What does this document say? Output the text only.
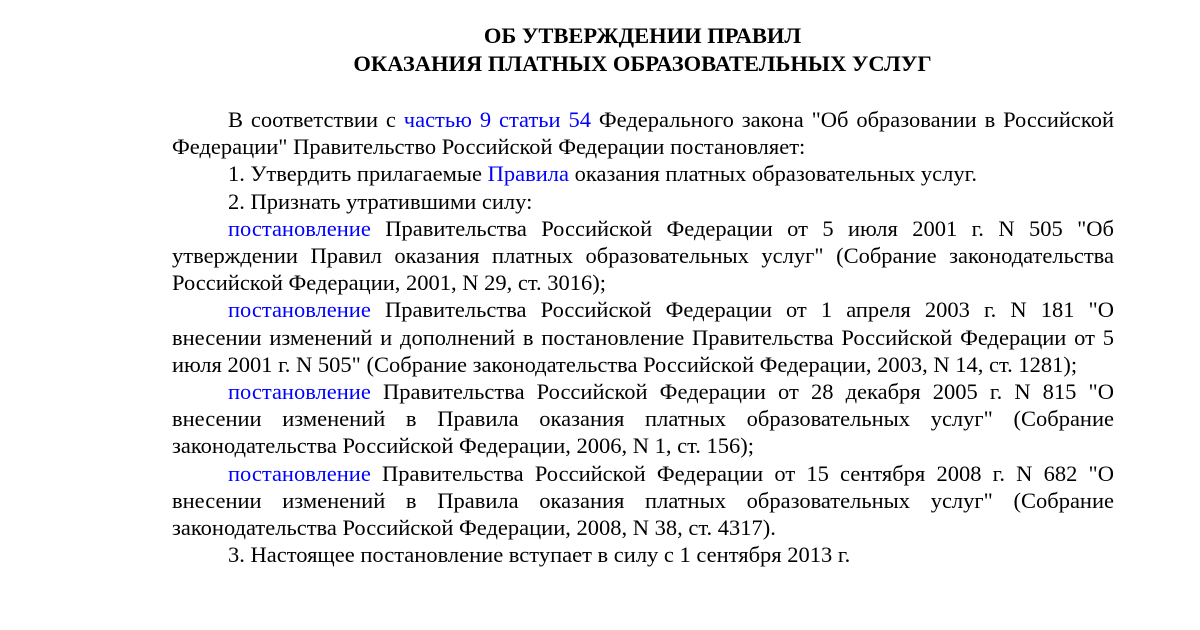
ОБ УТВЕРЖДЕНИИ ПРАВИЛ
ОКАЗАНИЯ ПЛАТНЫХ ОБРАЗОВАТЕЛЬНЫХ УСЛУГ

В соответствии с частью 9 статьи 54 Федерального закона "Об образовании в Российской Федерации" Правительство Российской Федерации постановляет:

1. Утвердить прилагаемые Правила оказания платных образовательных услуг.

2. Признать утратившими силу:

постановление Правительства Российской Федерации от 5 июля 2001 г. N 505 "Об утверждении Правил оказания платных образовательных услуг" (Собрание законодательства Российской Федерации, 2001, N 29, ст. 3016);

постановление Правительства Российской Федерации от 1 апреля 2003 г. N 181 "О внесении изменений и дополнений в постановление Правительства Российской Федерации от 5 июля 2001 г. N 505" (Собрание законодательства Российской Федерации, 2003, N 14, ст. 1281);

постановление Правительства Российской Федерации от 28 декабря 2005 г. N 815 "О внесении изменений в Правила оказания платных образовательных услуг" (Собрание законодательства Российской Федерации, 2006, N 1, ст. 156);

постановление Правительства Российской Федерации от 15 сентября 2008 г. N 682 "О внесении изменений в Правила оказания платных образовательных услуг" (Собрание законодательства Российской Федерации, 2008, N 38, ст. 4317).

3. Настоящее постановление вступает в силу с 1 сентября 2013 г.
